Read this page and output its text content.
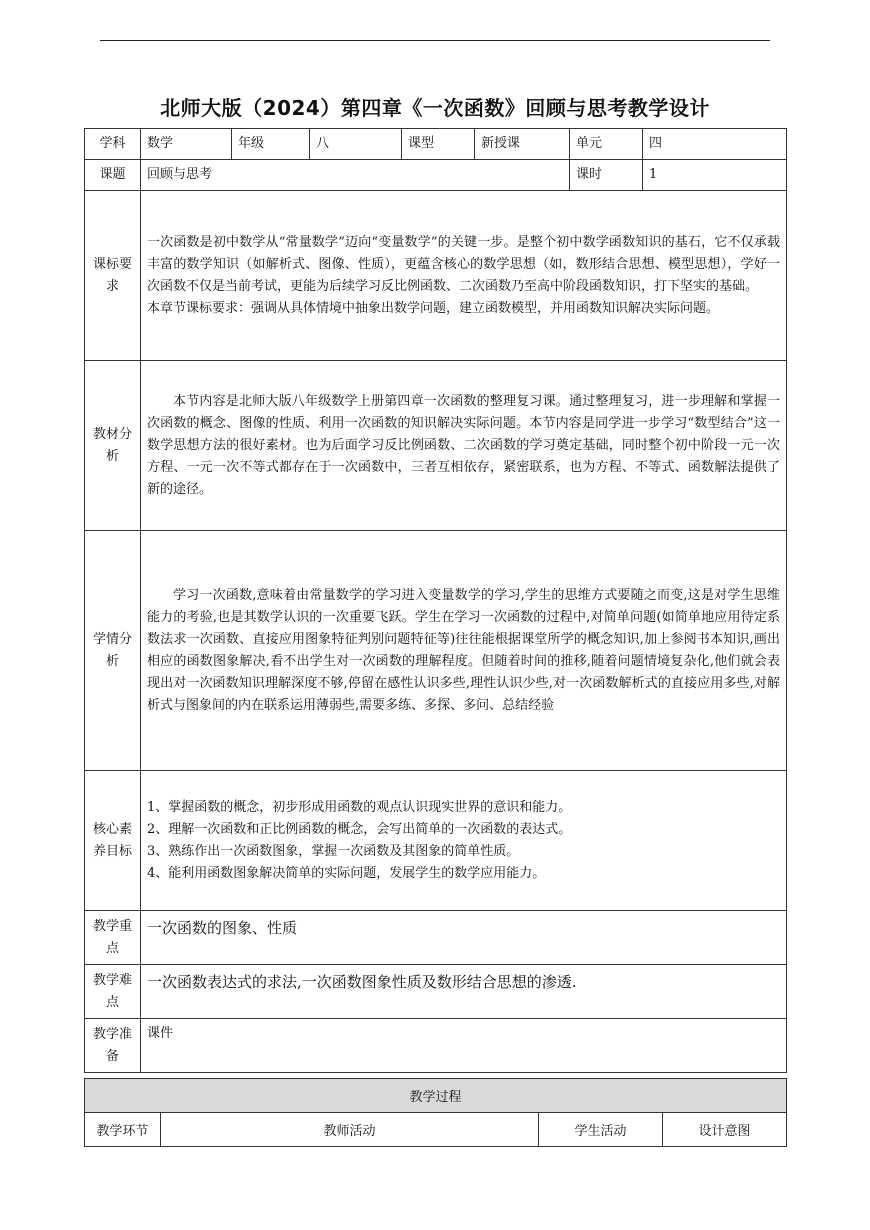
北师大版（2024）第四章《一次函数》回顾与思考教学设计
学科	数学	年级	八	课型	新授课	单元	四
课题	回顾与思考					课时	1
课标要求	一次函数是初中数学从“常量数学”迈向“变量数学”的关键一步。是整个初中数学函数知识的基石，它不仅承载丰富的数学知识（如解析式、图像、性质），更蕴含核心的数学思想（如，数形结合思想、模型思想），学好一次函数不仅是当前考试，更能为后续学习反比例函数、二次函数乃至高中阶段函数知识，打下坚实的基础。

本章节课标要求：强调从具体情境中抽象出数学问题，建立函数模型，并用函数知识解决实际问题。						

教材分析	本节内容是北师大版八年级数学上册第四章一次函数的整理复习课。通过整理复习，进一步理解和掌握一次函数的概念、图像的性质、利用一次函数的知识解决实际问题。本节内容是同学进一步学习“数型结合”这一数学思想方法的很好素材。也为后面学习反比例函数、二次函数的学习奠定基础，同时整个初中阶段一元一次方程、一元一次不等式都存在于一次函数中，三者互相依存，紧密联系，也为方程、不等式、函数解法提供了新的途径。						
学情分析	学习一次函数,意味着由常量数学的学习进入变量数学的学习,学生的思维方式要随之而变,这是对学生思维能力的考验,也是其数学认识的一次重要飞跃。学生在学习一次函数的过程中,对简单问题(如简单地应用待定系数法求一次函数、直接应用图象特征判别问题特征等)往往能根据课堂所学的概念知识,加上参阅书本知识,画出相应的函数图象解决,看不出学生对一次函数的理解程度。但随着时间的推移,随着问题情境复杂化,他们就会表现出对一次函数知识理解深度不够,停留在感性认识多些,理性认识少些,对一次函数解析式的直接应用多些,对解析式与图象间的内在联系运用薄弱些,需要多练、多探、多问、总结经验						
核心素养目标	1、掌握函数的概念，初步形成用函数的观点认识现实世界的意识和能力。

2、理解一次函数和正比例函数的概念，会写出简单的一次函数的表达式。

3、熟练作出一次函数图象，掌握一次函数及其图象的简单性质。

4、能利用函数图象解决简单的实际问题，发展学生的数学应用能力。						

教学重点	一次函数的图象、性质						
教学难点	一次函数表达式的求法,一次函数图象性质及数形结合思想的渗透.						
教学准备	课件						
教学过程
教学环节	教师活动	学生活动	设计意图
